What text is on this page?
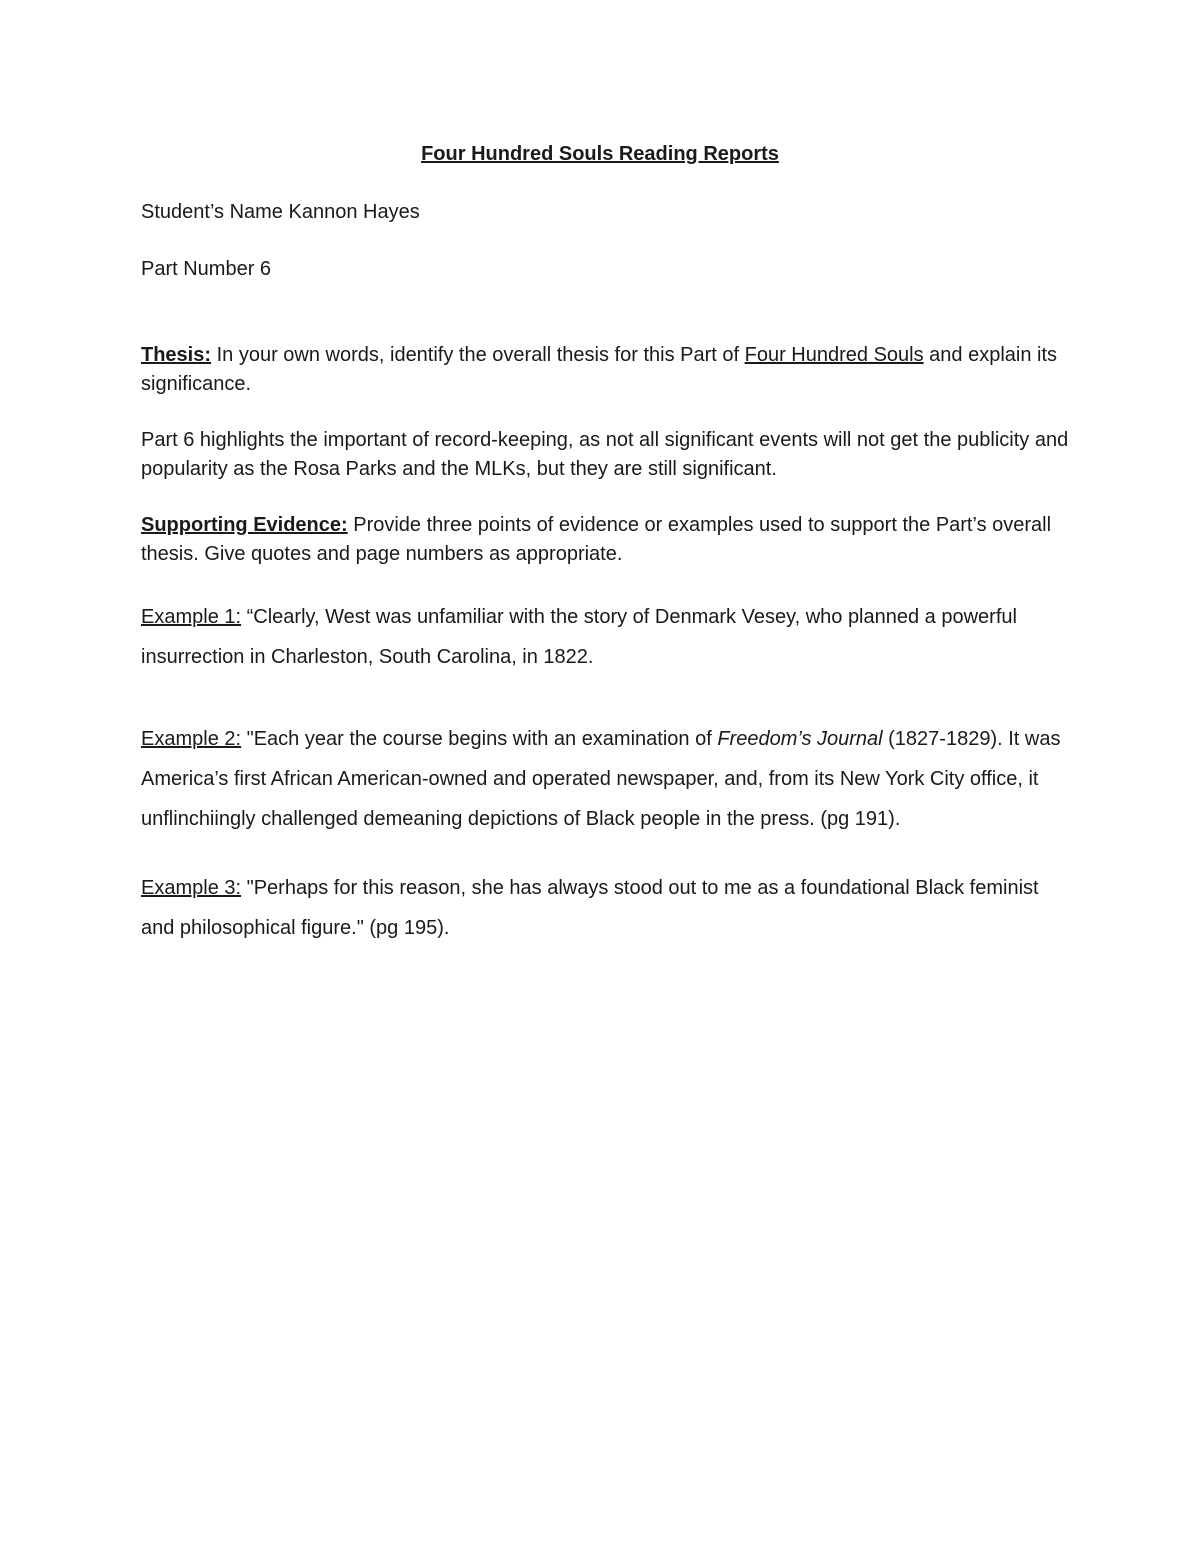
Four Hundred Souls Reading Reports

Student’s Name Kannon Hayes

Part Number 6

Thesis: In your own words, identify the overall thesis for this Part of Four Hundred Souls and explain its significance.

Part 6 highlights the important of record-keeping, as not all significant events will not get the publicity and popularity as the Rosa Parks and the MLKs, but they are still significant.

Supporting Evidence: Provide three points of evidence or examples used to support the Part’s overall thesis. Give quotes and page numbers as appropriate.

Example 1: “Clearly, West was unfamiliar with the story of Denmark Vesey, who planned a powerful insurrection in Charleston, South Carolina, in 1822.

Example 2: "Each year the course begins with an examination of Freedom’s Journal (1827-1829). It was America’s first African American-owned and operated newspaper, and, from its New York City office, it unflinchiingly challenged demeaning depictions of Black people in the press. (pg 191).

Example 3: "Perhaps for this reason, she has always stood out to me as a foundational Black feminist and philosophical figure." (pg 195).
